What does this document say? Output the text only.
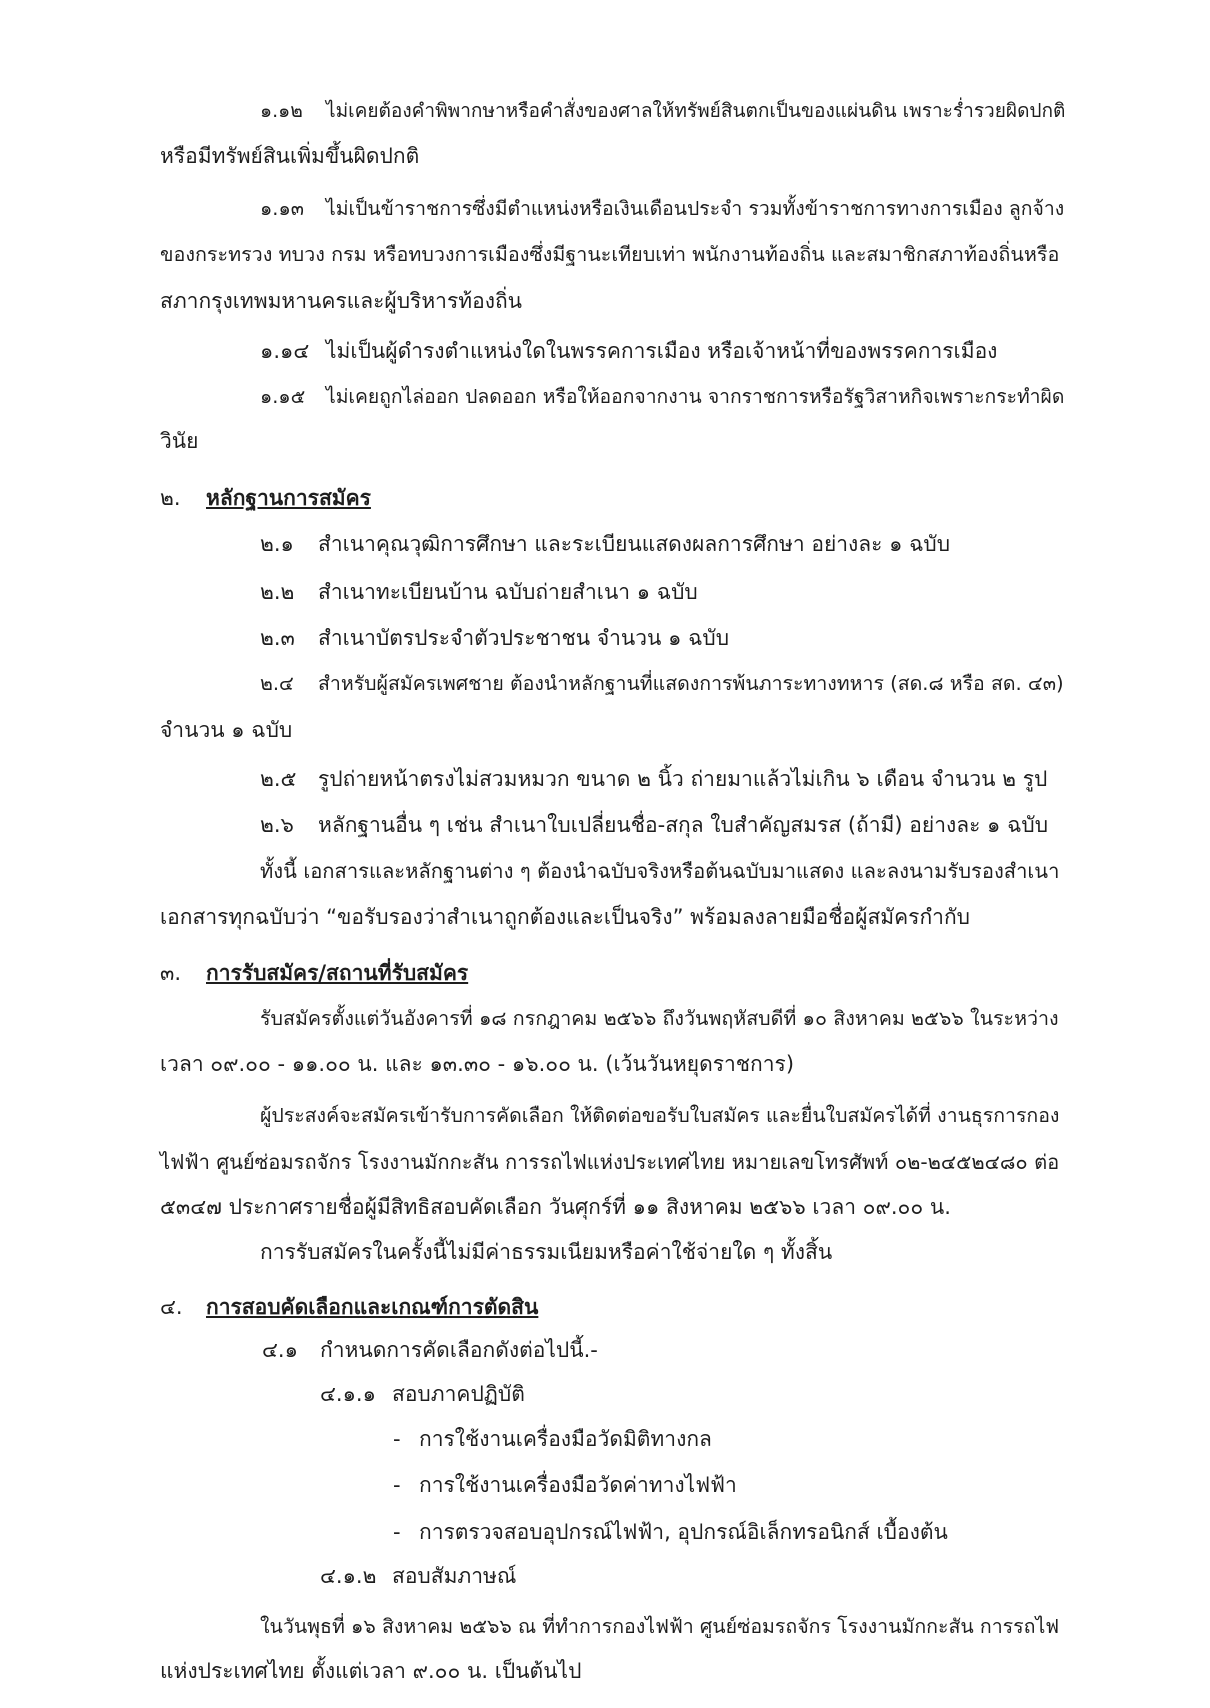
๑.๑๒ ไม่เคยต้องคำพิพากษาหรือคำสั่งของศาลให้ทรัพย์สินตกเป็นของแผ่นดิน เพราะร่ำรวยผิดปกติ
หรือมีทรัพย์สินเพิ่มขึ้นผิดปกติ
๑.๑๓ ไม่เป็นข้าราชการซึ่งมีตำแหน่งหรือเงินเดือนประจำ รวมทั้งข้าราชการทางการเมือง ลูกจ้าง
ของกระทรวง ทบวง กรม หรือทบวงการเมืองซึ่งมีฐานะเทียบเท่า พนักงานท้องถิ่น และสมาชิกสภาท้องถิ่นหรือ
สภากรุงเทพมหานครและผู้บริหารท้องถิ่น
๑.๑๔ ไม่เป็นผู้ดำรงตำแหน่งใดในพรรคการเมือง หรือเจ้าหน้าที่ของพรรคการเมือง
๑.๑๕ ไม่เคยถูกไล่ออก ปลดออก หรือให้ออกจากงาน จากราชการหรือรัฐวิสาหกิจเพราะกระทำผิด
วินัย
๒. หลักฐานการสมัคร
๒.๑ สำเนาคุณวุฒิการศึกษา และระเบียนแสดงผลการศึกษา อย่างละ ๑ ฉบับ
๒.๒ สำเนาทะเบียนบ้าน ฉบับถ่ายสำเนา ๑ ฉบับ
๒.๓ สำเนาบัตรประจำตัวประชาชน จำนวน ๑ ฉบับ
๒.๔ สำหรับผู้สมัครเพศชาย ต้องนำหลักฐานที่แสดงการพ้นภาระทางทหาร (สด.๘ หรือ สด. ๔๓)
จำนวน ๑ ฉบับ
๒.๕ รูปถ่ายหน้าตรงไม่สวมหมวก ขนาด ๒ นิ้ว ถ่ายมาแล้วไม่เกิน ๖ เดือน จำนวน ๒ รูป
๒.๖ หลักฐานอื่น ๆ เช่น สำเนาใบเปลี่ยนชื่อ-สกุล ใบสำคัญสมรส (ถ้ามี) อย่างละ ๑ ฉบับ
ทั้งนี้ เอกสารและหลักฐานต่าง ๆ ต้องนำฉบับจริงหรือต้นฉบับมาแสดง และลงนามรับรองสำเนา
เอกสารทุกฉบับว่า “ขอรับรองว่าสำเนาถูกต้องและเป็นจริง” พร้อมลงลายมือชื่อผู้สมัครกำกับ
๓. การรับสมัคร/สถานที่รับสมัคร
รับสมัครตั้งแต่วันอังคารที่ ๑๘ กรกฎาคม ๒๕๖๖ ถึงวันพฤหัสบดีที่ ๑๐ สิงหาคม ๒๕๖๖ ในระหว่าง
เวลา ๐๙.๐๐ - ๑๑.๐๐ น. และ ๑๓.๓๐ - ๑๖.๐๐ น. (เว้นวันหยุดราชการ)
ผู้ประสงค์จะสมัครเข้ารับการคัดเลือก ให้ติดต่อขอรับใบสมัคร และยื่นใบสมัครได้ที่ งานธุรการกอง
ไฟฟ้า ศูนย์ซ่อมรถจักร โรงงานมักกะสัน การรถไฟแห่งประเทศไทย หมายเลขโทรศัพท์ ๐๒-๒๔๕๒๔๘๐ ต่อ
๕๓๔๗ ประกาศรายชื่อผู้มีสิทธิสอบคัดเลือก วันศุกร์ที่ ๑๑ สิงหาคม ๒๕๖๖ เวลา ๐๙.๐๐ น.
การรับสมัครในครั้งนี้ไม่มีค่าธรรมเนียมหรือค่าใช้จ่ายใด ๆ ทั้งสิ้น
๔. การสอบคัดเลือกและเกณฑ์การตัดสิน
๔.๑ กำหนดการคัดเลือกดังต่อไปนี้.-
๔.๑.๑ สอบภาคปฏิบัติ
- การใช้งานเครื่องมือวัดมิติทางกล
- การใช้งานเครื่องมือวัดค่าทางไฟฟ้า
- การตรวจสอบอุปกรณ์ไฟฟ้า, อุปกรณ์อิเล็กทรอนิกส์ เบื้องต้น
๔.๑.๒ สอบสัมภาษณ์
ในวันพุธที่ ๑๖ สิงหาคม ๒๕๖๖ ณ ที่ทำการกองไฟฟ้า ศูนย์ซ่อมรถจักร โรงงานมักกะสัน การรถไฟ
แห่งประเทศไทย ตั้งแต่เวลา ๙.๐๐ น. เป็นต้นไป
